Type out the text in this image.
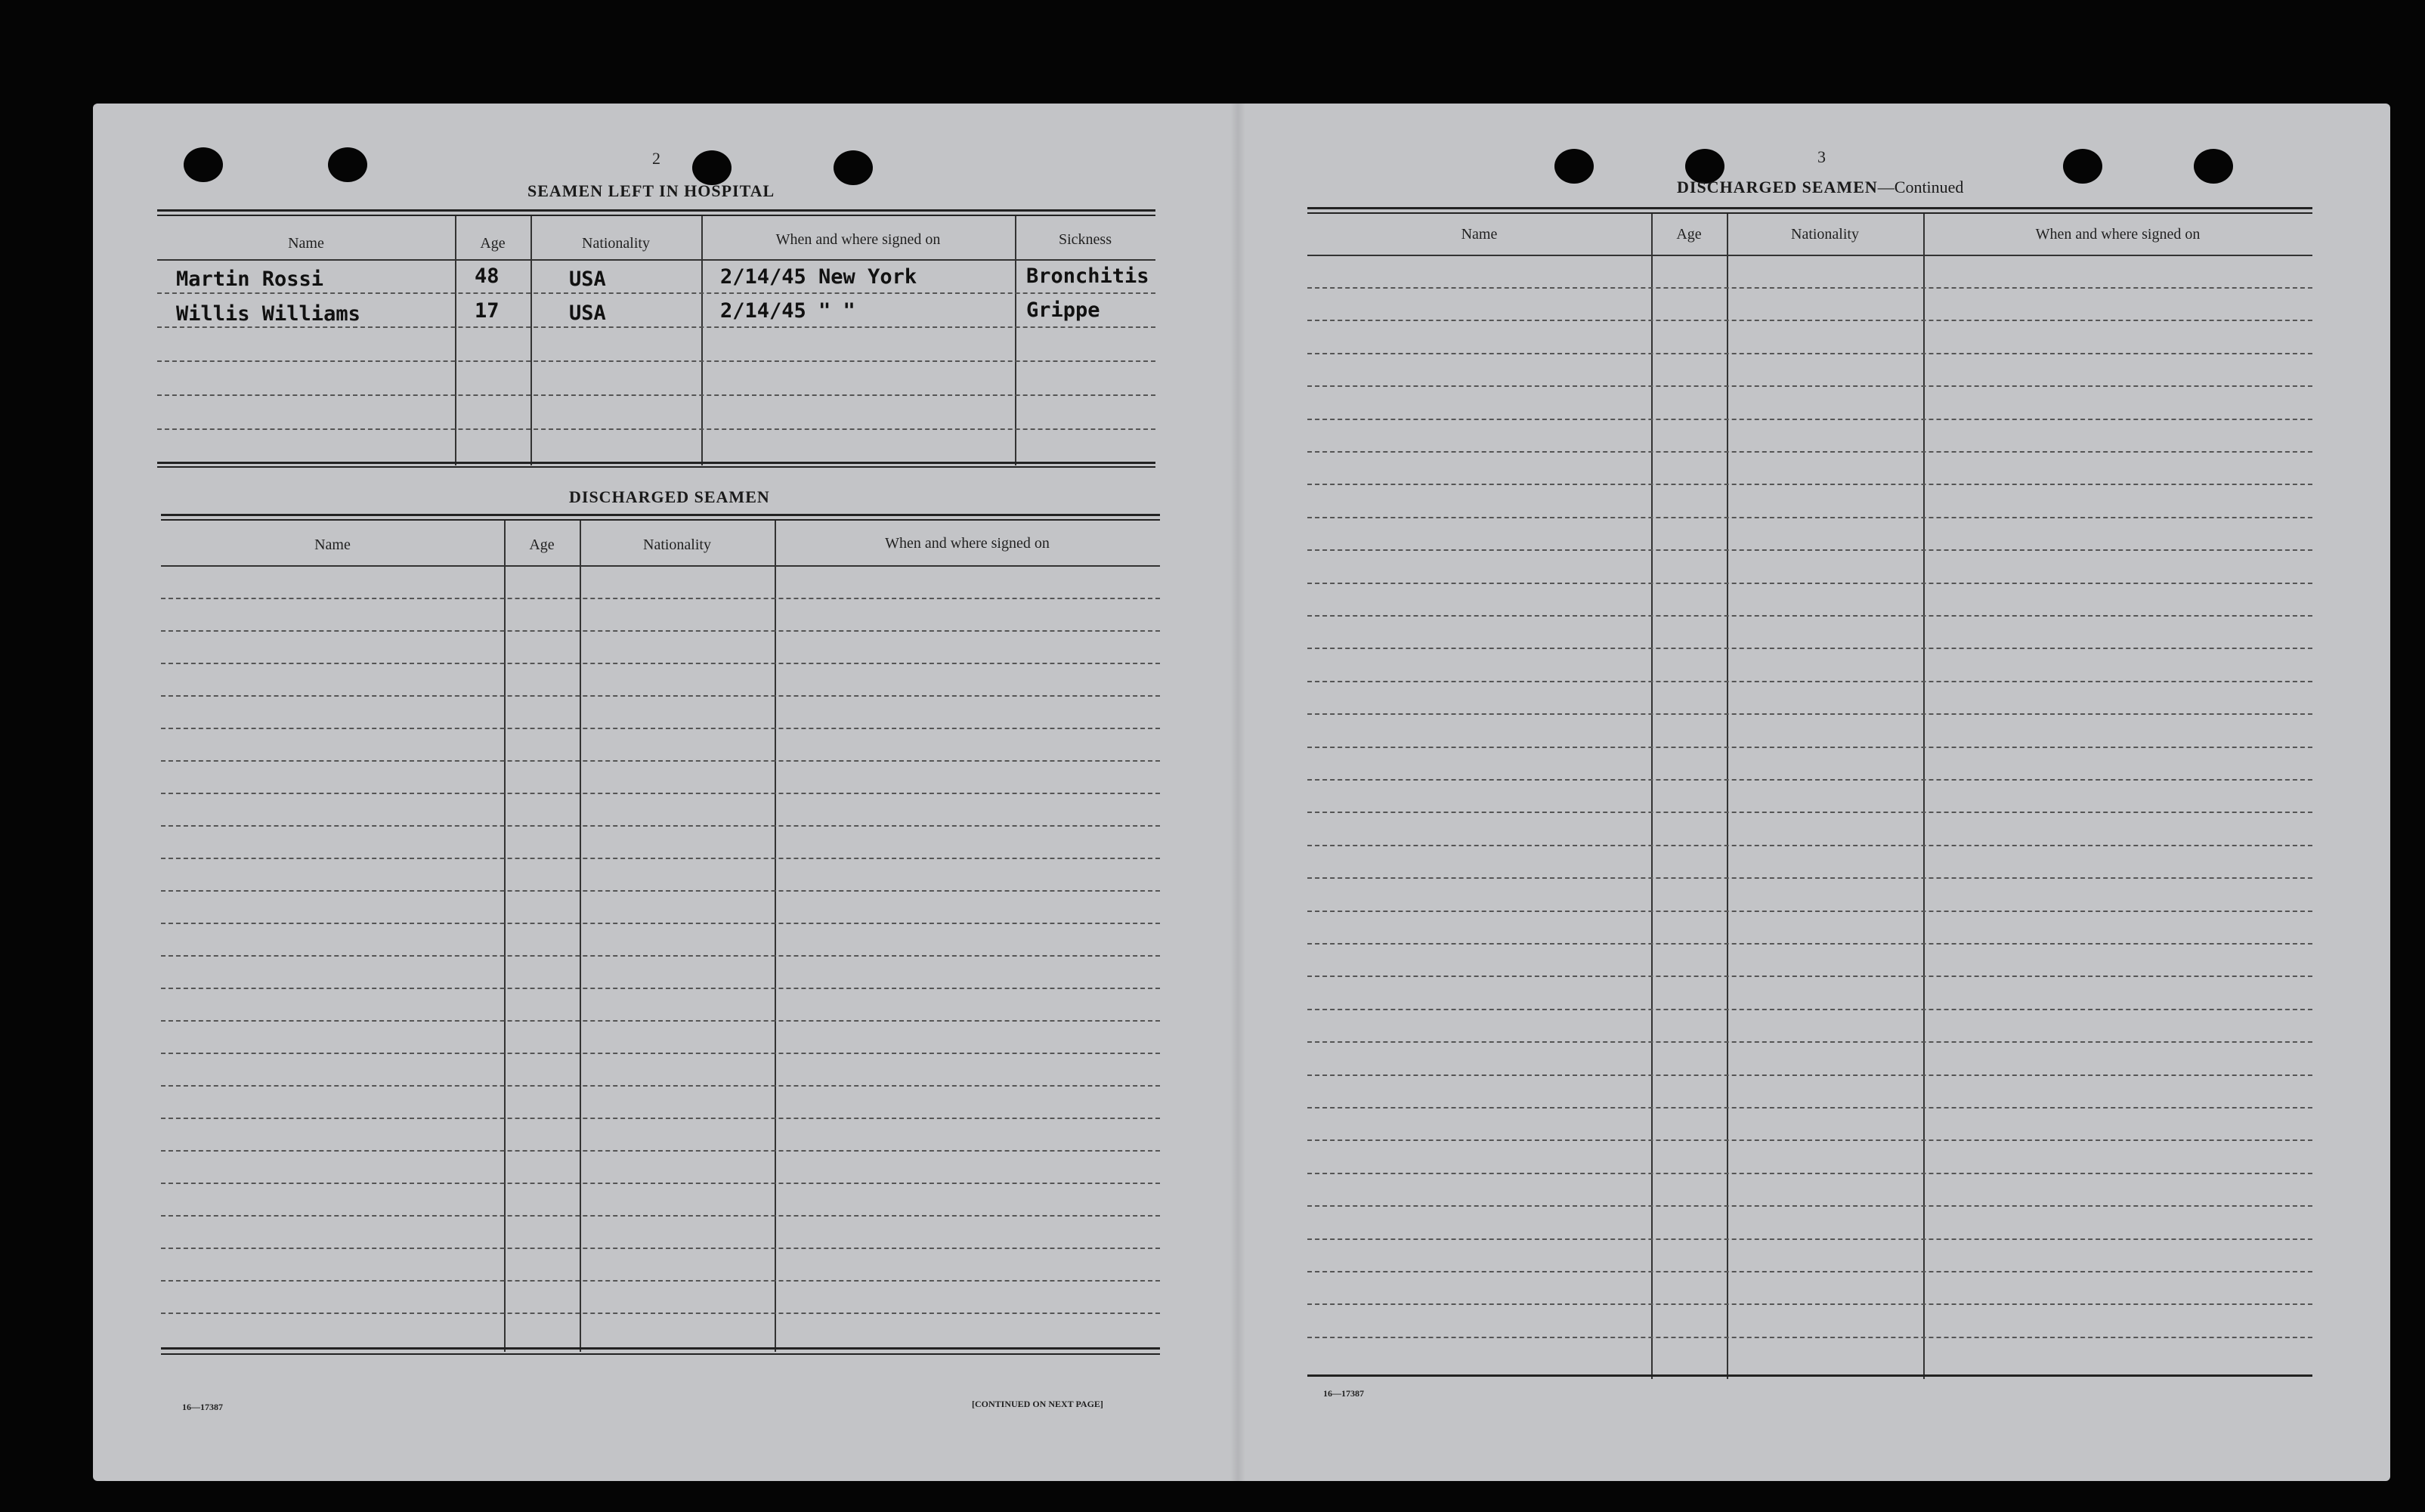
2
SEAMEN LEFT IN HOSPITAL
Name	Age	Nationality	When and where signed on	Sickness
Martin Rossi	48	USA	2/14/45 New York	Bronchitis
Willis Williams	17	USA	2/14/45 " "	Grippe
DISCHARGED SEAMEN
Name	Age	Nationality	When and where signed on
16—17387	[CONTINUED ON NEXT PAGE]
3
DISCHARGED SEAMEN—Continued
Name	Age	Nationality	When and where signed on
16—17387
